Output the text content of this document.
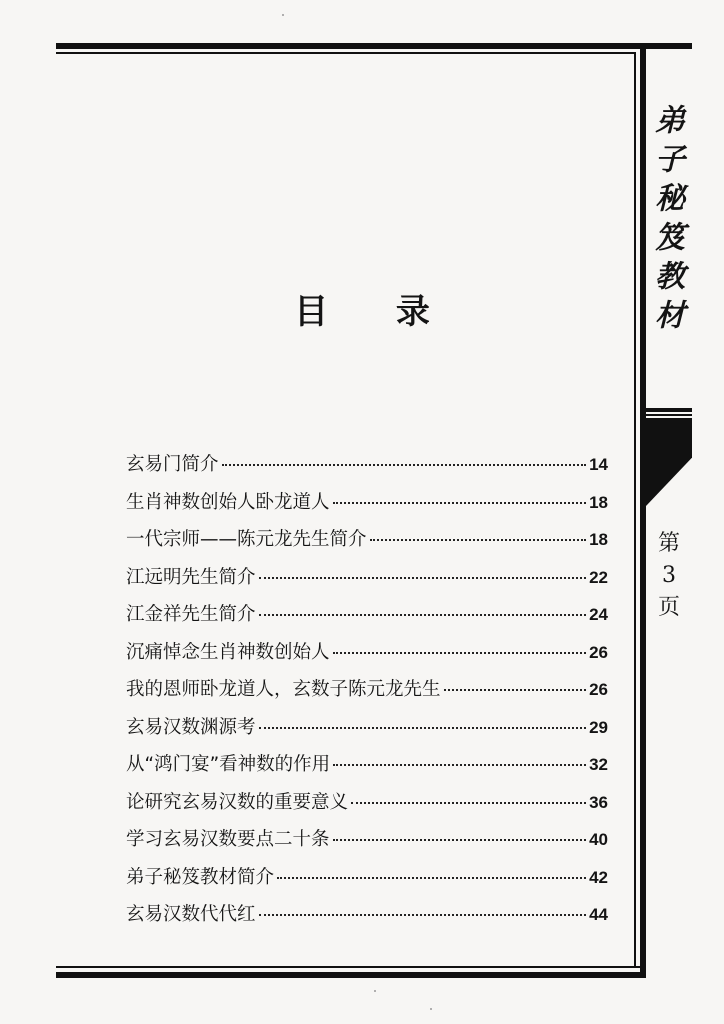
弟子秘笈教材
第
3
页
目 录
玄易门简介	14
生肖神数创始人卧龙道人	18
一代宗师——陈元龙先生简介	18
江远明先生简介	22
江金祥先生简介	24
沉痛悼念生肖神数创始人	26
我的恩师卧龙道人，玄数子陈元龙先生	26
玄易汉数渊源考	29
从“鸿门宴”看神数的作用	32
论研究玄易汉数的重要意义	36
学习玄易汉数要点二十条	40
弟子秘笈教材简介	42
玄易汉数代代红	44
